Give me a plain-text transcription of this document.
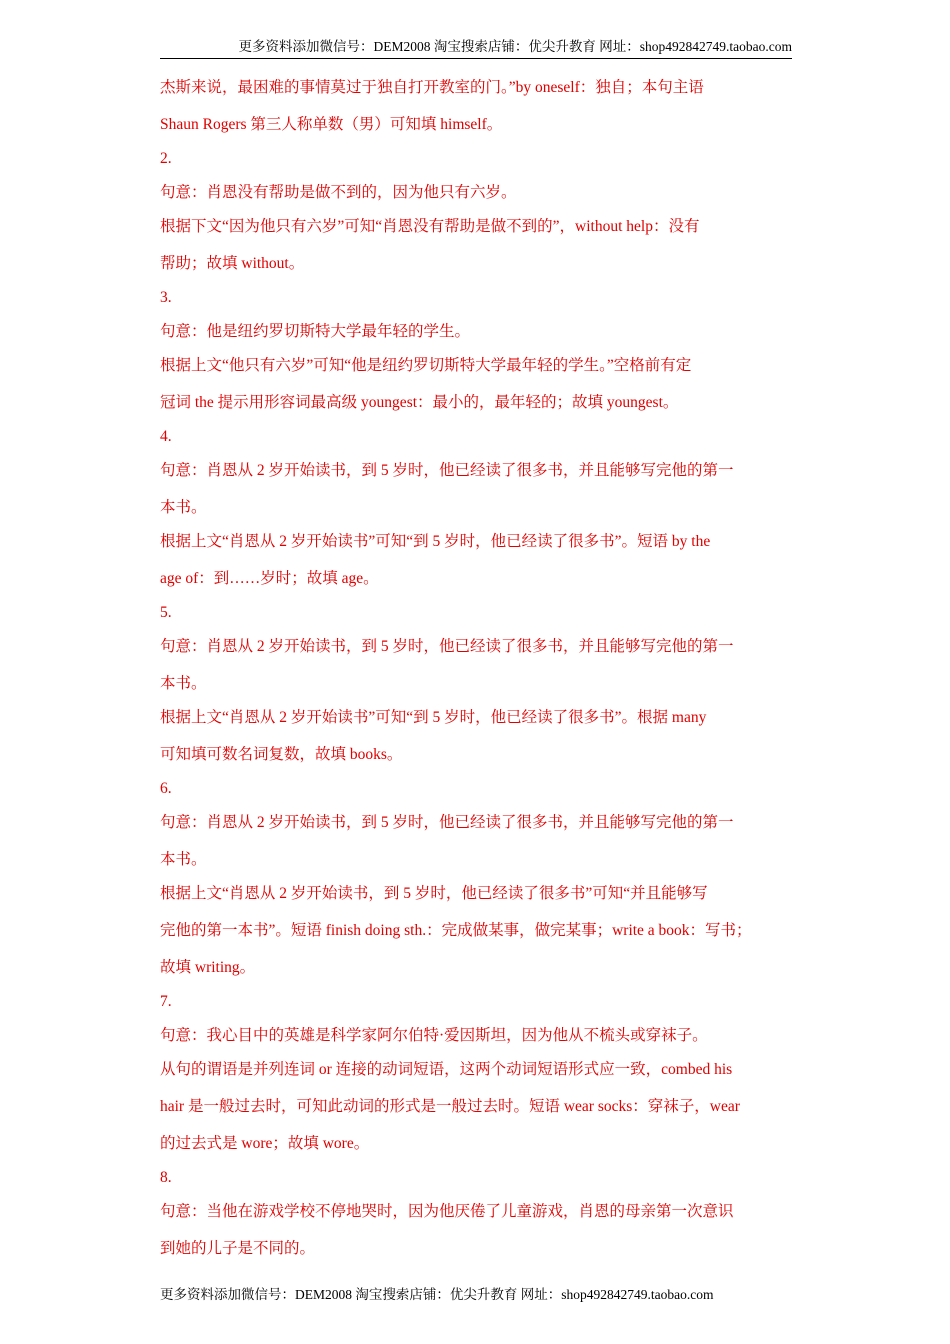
更多资料添加微信号：DEM2008 淘宝搜索店铺：优尖升教育 网址：shop492842749.taobao.com
杰斯来说，最困难的事情莫过于独自打开教室的门。”by oneself：独自；本句主语
Shaun Rogers 第三人称单数（男）可知填 himself。
2.
句意：肖恩没有帮助是做不到的，因为他只有六岁。
根据下文“因为他只有六岁”可知“肖恩没有帮助是做不到的”，without help：没有
帮助；故填 without。
3.
句意：他是纽约罗切斯特大学最年轻的学生。
根据上文“他只有六岁”可知“他是纽约罗切斯特大学最年轻的学生。”空格前有定
冠词 the 提示用形容词最高级 youngest：最小的，最年轻的；故填 youngest。
4.
句意：肖恩从 2 岁开始读书，到 5 岁时，他已经读了很多书，并且能够写完他的第一
本书。
根据上文“肖恩从 2 岁开始读书”可知“到 5 岁时，他已经读了很多书”。短语 by the
age of：到……岁时；故填 age。
5.
句意：肖恩从 2 岁开始读书，到 5 岁时，他已经读了很多书，并且能够写完他的第一
本书。
根据上文“肖恩从 2 岁开始读书”可知“到 5 岁时，他已经读了很多书”。根据 many
可知填可数名词复数，故填 books。
6.
句意：肖恩从 2 岁开始读书，到 5 岁时，他已经读了很多书，并且能够写完他的第一
本书。
根据上文“肖恩从 2 岁开始读书，到 5 岁时，他已经读了很多书”可知“并且能够写
完他的第一本书”。短语 finish doing sth.：完成做某事，做完某事；write a book：写书；
故填 writing。
7.
句意：我心目中的英雄是科学家阿尔伯特·爱因斯坦，因为他从不梳头或穿袜子。
从句的谓语是并列连词 or 连接的动词短语，这两个动词短语形式应一致，combed his
hair 是一般过去时，可知此动词的形式是一般过去时。短语 wear socks：穿袜子，wear
的过去式是 wore；故填 wore。
8.
句意：当他在游戏学校不停地哭时，因为他厌倦了儿童游戏，肖恩的母亲第一次意识
到她的儿子是不同的。
更多资料添加微信号：DEM2008 淘宝搜索店铺：优尖升教育 网址：shop492842749.taobao.com
